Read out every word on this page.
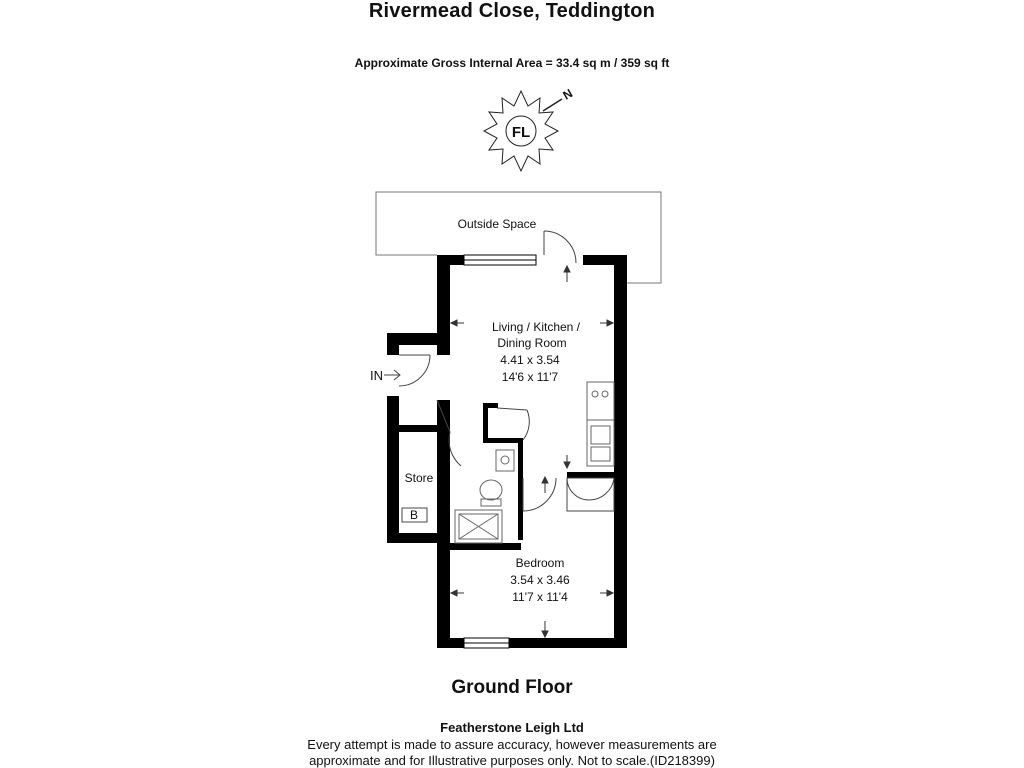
Rivermead Close, Teddington
Approximate Gross Internal Area = 33.4 sq m / 359 sq ft
FL
N
Outside Space
B
IN
Living / Kitchen /
Dining Room
4.41 x 3.54
14'6 x 11'7
Store
Bedroom
3.54 x 3.46
11'7 x 11'4
Ground Floor
Featherstone Leigh Ltd
Every attempt is made to assure accuracy, however measurements are
approximate and for Illustrative purposes only. Not to scale.(ID218399)
